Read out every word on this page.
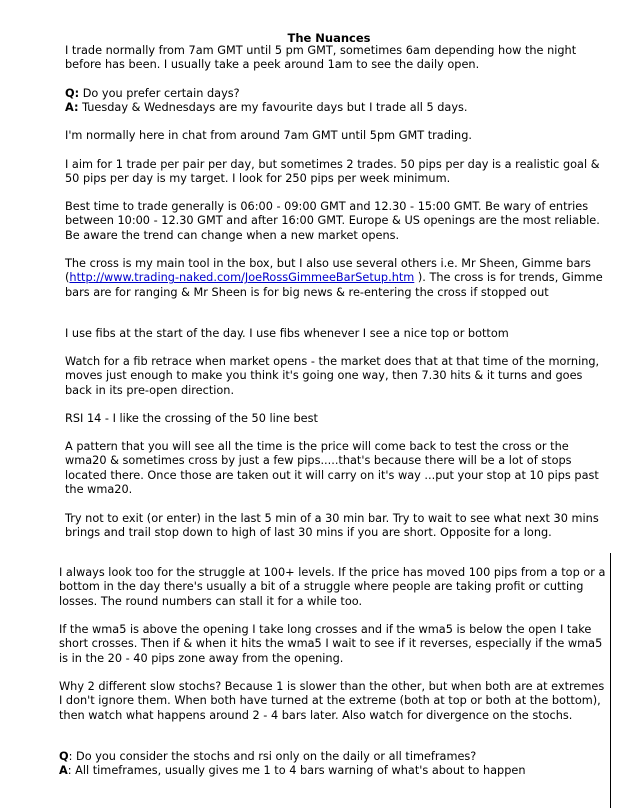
The Nuances

I trade normally from 7am GMT until 5 pm GMT, sometimes 6am depending how the night before has been. I usually take a peek around 1am to see the daily open.

Q: Do you prefer certain days?
A: Tuesday & Wednesdays are my favourite days but I trade all 5 days.

I'm normally here in chat from around 7am GMT until 5pm GMT trading.

I aim for 1 trade per pair per day, but sometimes 2 trades. 50 pips per day is a realistic goal & 50 pips per day is my target. I look for 250 pips per week minimum.

Best time to trade generally is 06:00 - 09:00 GMT and 12.30 - 15:00 GMT. Be wary of entries between 10:00 - 12.30 GMT and after 16:00 GMT. Europe & US openings are the most reliable. Be aware the trend can change when a new market opens.

The cross is my main tool in the box, but I also use several others i.e. Mr Sheen, Gimme bars (http://www.trading-naked.com/JoeRossGimmeeBarSetup.htm ). The cross is for trends, Gimme bars are for ranging & Mr Sheen is for big news & re-entering the cross if stopped out

I use fibs at the start of the day. I use fibs whenever I see a nice top or bottom

Watch for a fib retrace when market opens - the market does that at that time of the morning, moves just enough to make you think it's going one way, then 7.30 hits & it turns and goes back in its pre-open direction.

RSI 14 - I like the crossing of the 50 line best

A pattern that you will see all the time is the price will come back to test the cross or the wma20 & sometimes cross by just a few pips.....that's because there will be a lot of stops located there. Once those are taken out it will carry on it's way ...put your stop at 10 pips past the wma20.

Try not to exit (or enter) in the last 5 min of a 30 min bar. Try to wait to see what next 30 mins brings and trail stop down to high of last 30 mins if you are short. Opposite for a long.

I always look too for the struggle at 100+ levels. If the price has moved 100 pips from a top or a bottom in the day there's usually a bit of a struggle where people are taking profit or cutting losses. The round numbers can stall it for a while too.

If the wma5 is above the opening I take long crosses and if the wma5 is below the open I take short crosses. Then if & when it hits the wma5 I wait to see if it reverses, especially if the wma5 is in the 20 - 40 pips zone away from the opening.

Why 2 different slow stochs? Because 1 is slower than the other, but when both are at extremes I don't ignore them. When both have turned at the extreme (both at top or both at the bottom), then watch what happens around 2 - 4 bars later. Also watch for divergence on the stochs.

Q: Do you consider the stochs and rsi only on the daily or all timeframes?
A: All timeframes, usually gives me 1 to 4 bars warning of what's about to happen
